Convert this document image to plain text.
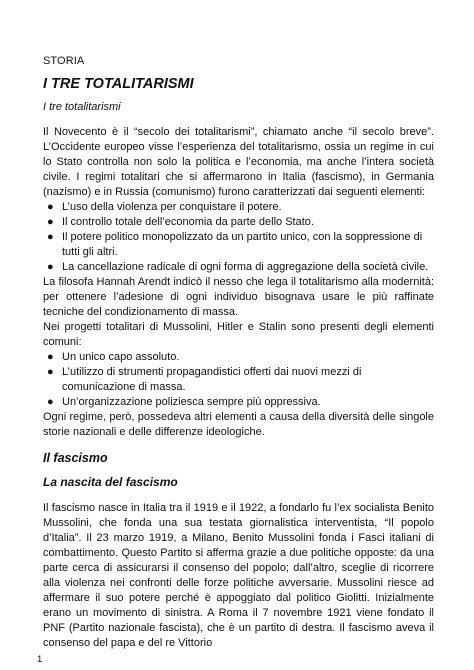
STORIA

I TRE TOTALITARISMI

I tre totalitarismi

Il Novecento è il “secolo dei totalitarismi”, chiamato anche “il secolo breve”. L’Occidente europeo visse l’esperienza del totalitarismo, ossia un regime in cui lo Stato controlla non solo la politica e l’economia, ma anche l’intera società civile. I regimi totalitari che si affermarono in Italia (fascismo), in Germania (nazismo) e in Russia (comunismo) furono caratterizzati dai seguenti elementi:

● L’uso della violenza per conquistare il potere.
● Il controllo totale dell’economia da parte dello Stato.
● Il potere politico monopolizzato da un partito unico, con la soppressione di tutti gli altri.
● La cancellazione radicale di ogni forma di aggregazione della società civile.

La filosofa Hannah Arendt indicò il nesso che lega il totalitarismo alla modernità: per ottenere l’adesione di ogni individuo bisognava usare le più raffinate tecniche del condizionamento di massa.

Nei progetti totalitari di Mussolini, Hitler e Stalin sono presenti degli elementi comuni:

● Un unico capo assoluto.
● L’utilizzo di strumenti propagandistici offerti dai nuovi mezzi di comunicazione di massa.
● Un’organizzazione poliziesca sempre più oppressiva.

Ogni regime, però, possedeva altri elementi a causa della diversità delle singole storie nazionali e delle differenze ideologiche.

Il fascismo
La nascita del fascismo

Il fascismo nasce in Italia tra il 1919 e il 1922, a fondarlo fu l’ex socialista Benito Mussolini, che fonda una sua testata giornalistica interventista, “Il popolo d’Italia”. Il 23 marzo 1919, a Milano, Benito Mussolini fonda i Fasci italiani di combattimento. Questo Partito si afferma grazie a due politiche opposte: da una parte cerca di assicurarsi il consenso del popolo; dall’altro, sceglie di ricorrere alla violenza nei confronti delle forze politiche avversarie. Mussolini riesce ad affermare il suo potere perché è appoggiato dal politico Giolitti. Inizialmente erano un movimento di sinistra. A Roma il 7 novembre 1921 viene fondato il PNF (Partito nazionale fascista), che è un partito di destra. Il fascismo aveva il consenso del papa e del re Vittorio

1
